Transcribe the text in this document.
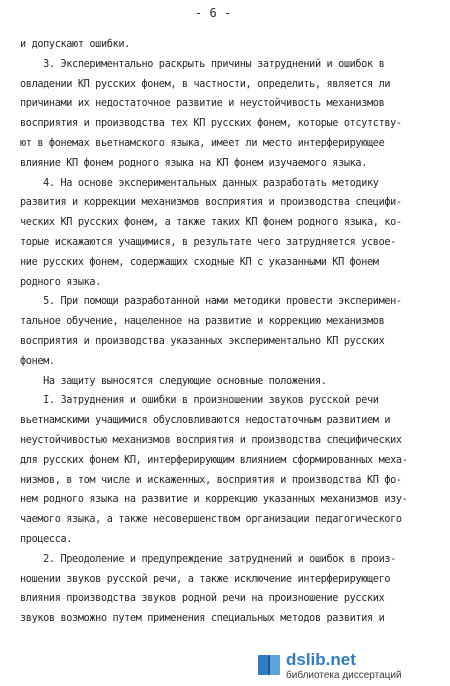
- 6 -
и допускают ошибки.
3. Экспериментально раскрыть причины затруднений и ошибок в
овладении КП русских фонем, в частности, определить, является ли
причинами их недостаточное развитие и неустойчивость механизмов
восприятия и производства тех КП русских фонем, которые отсутству-
ют в фонемах вьетнамского языка, имеет ли место интерферирующее
влияние КП фонем родного языка на КП фонем изучаемого языка.
4. На основе экспериментальных данных разработать методику
развития и коррекции механизмов восприятия и производства специфи-
ческих КП русских фонем, а также таких КП фонем родного языка, ко-
торые искажаются учащимися, в результате чего затрудняется усвое-
ние русских фонем, содержащих сходные КП с указанными КП фонем
родного языка.
5. При помощи разработанной нами методики провести эксперимен-
тальное обучение, нацеленное на развитие и коррекцию механизмов
восприятия и производства указанных экспериментально КП русских
фонем.
На защиту выносятся следующие основные положения.
I. Затруднения и ошибки в произношении звуков русской речи
вьетнамскими учащимися обусловливаются недостаточным развитием и
неустойчивостью механизмов восприятия и производства специфических
для русских фонем КП, интерферирующим влиянием сформированных меха-
низмов, в том числе и искаженных, восприятия и производства КП фо-
нем родного языка на развитие и коррекцию указанных механизмов изу-
чаемого языка, а также несовершенством организации педагогического
процесса.
2. Преодоление и предупреждение затруднений и ошибок в произ-
ношении звуков русской речи, а также исключение интерферирующего
влияния производства звуков родной речи на произношение русских
звуков возможно путем применения специальных методов развития и
dslib.net
библиотека диссертаций
